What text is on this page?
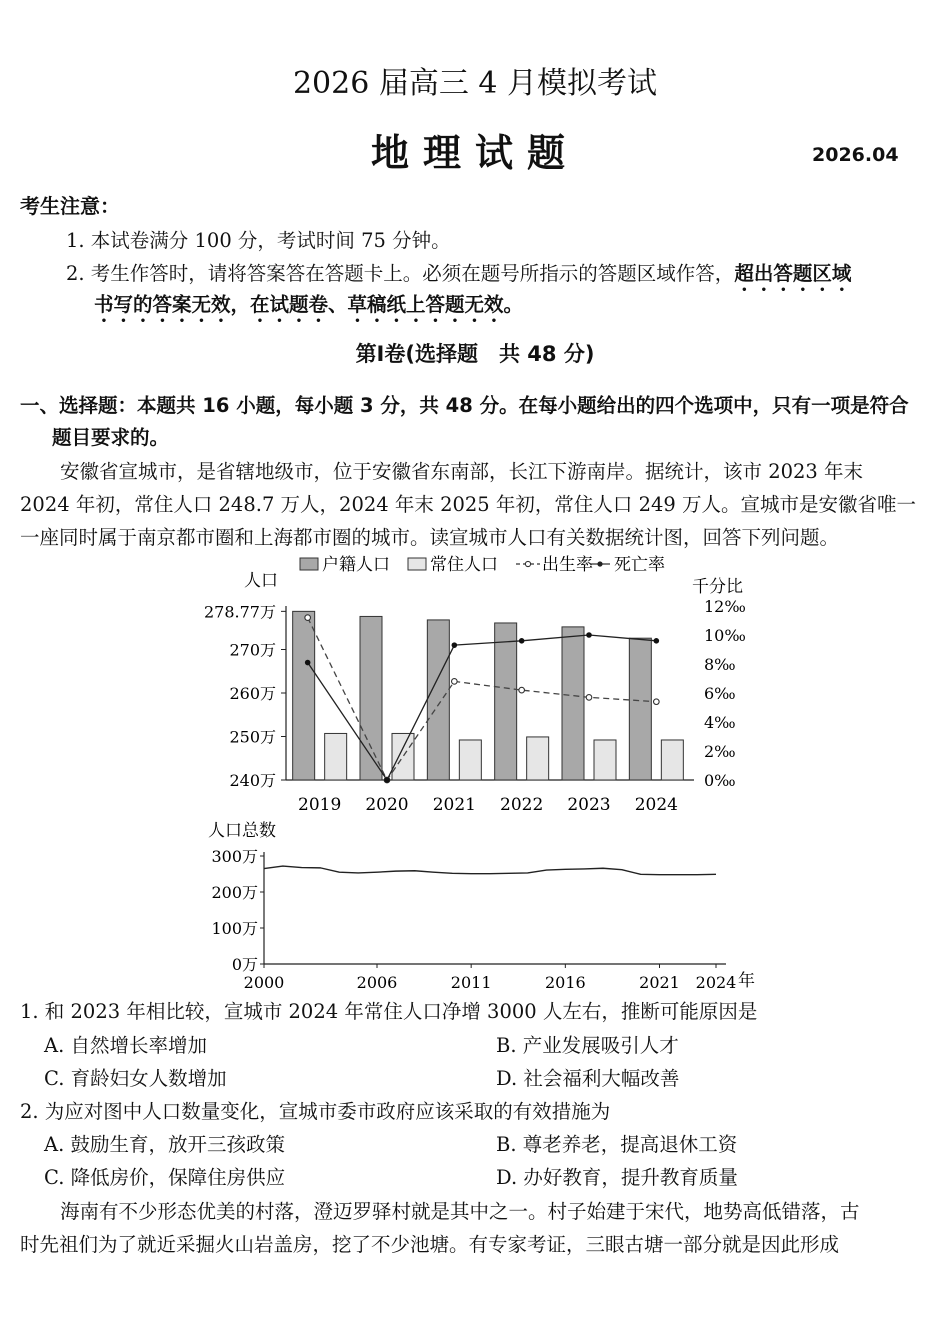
2026 届高三 4 月模拟考试
地理试题	2026.04
考生注意：
1. 本试卷满分 100 分，考试时间 75 分钟。
2. 考生作答时，请将答案答在答题卡上。必须在题号所指示的答题区域作答，超出答题区域
书写的答案无效，在试题卷、草稿纸上答题无效。
第Ⅰ卷(选择题　共 48 分)
一、选择题：本题共 16 小题，每小题 3 分，共 48 分。在每小题给出的四个选项中，只有一项是符合
题目要求的。
安徽省宣城市，是省辖地级市，位于安徽省东南部，长江下游南岸。据统计，该市 2023 年末
2024 年初，常住人口 248.7 万人，2024 年末 2025 年初，常住人口 249 万人。宣城市是安徽省唯一
一座同时属于南京都市圈和上海都市圈的城市。读宣城市人口有关数据统计图，回答下列问题。
户籍人口 常住人口	出生率 死亡率
人口	千分比
278.77万
270万
260万
250万
240万
12‰
10‰
8‰
6‰
4‰
2‰
0‰
2019 2020 2021 2022 2023 2024
人口总数
300万
200万
100万
0万
2000	2006	2011	2016	2021 2024 年
1. 和 2023 年相比较，宣城市 2024 年常住人口净增 3000 人左右，推断可能原因是
A. 自然增长率增加	B. 产业发展吸引人才
C. 育龄妇女人数增加	D. 社会福利大幅改善
2. 为应对图中人口数量变化，宣城市委市政府应该采取的有效措施为
A. 鼓励生育，放开三孩政策	B. 尊老养老，提高退休工资
C. 降低房价，保障住房供应	D. 办好教育，提升教育质量
海南有不少形态优美的村落，澄迈罗驿村就是其中之一。村子始建于宋代，地势高低错落，古
时先祖们为了就近采掘火山岩盖房，挖了不少池塘。有专家考证，三眼古塘一部分就是因此形成
